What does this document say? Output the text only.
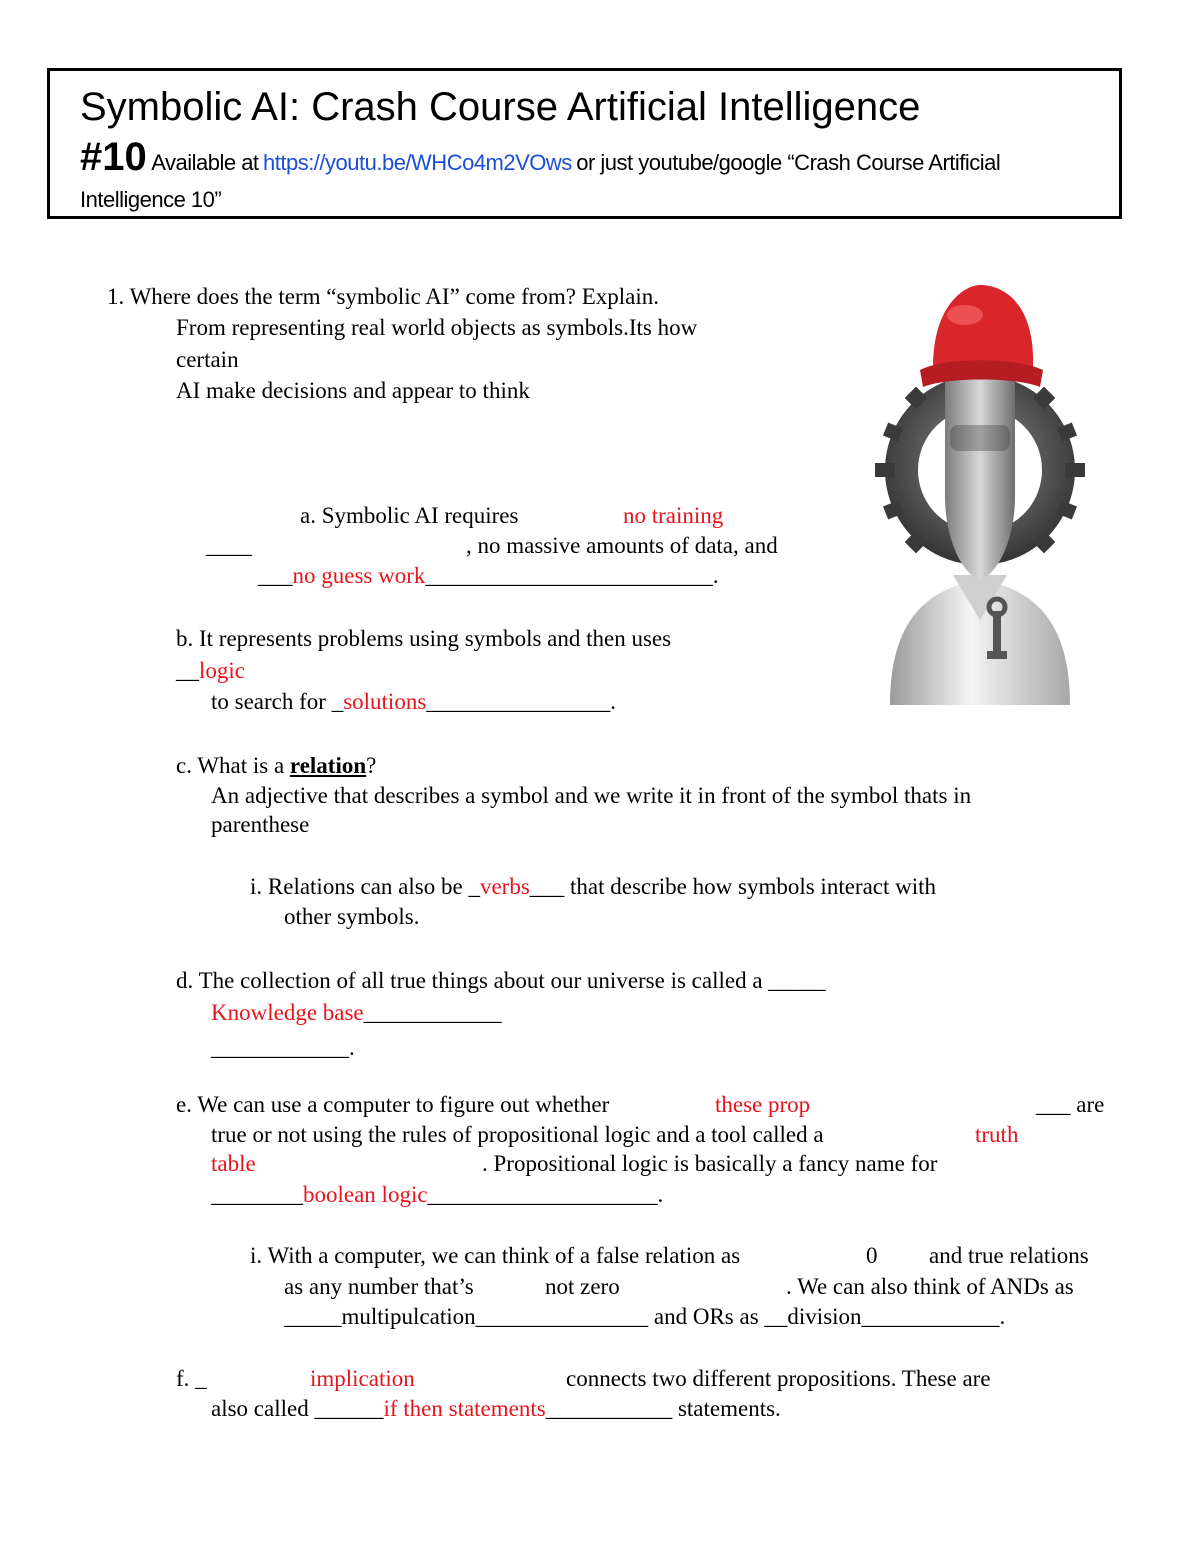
Symbolic AI: Crash Course Artificial Intelligence
#10 Available at https://youtu.be/WHCo4m2VOws or just youtube/google “Crash Course Artificial
Intelligence 10”
1. Where does the term “symbolic AI” come from? Explain.
From representing real world objects as symbols.Its how
certain
AI make decisions and appear to think
a. Symbolic AI requires	no training
____	, no massive amounts of data, and
___no guess work_________________________.
b. It represents problems using symbols and then uses
__logic
to search for _solutions________________.
c. What is a relation?
An adjective that describes a symbol and we write it in front of the symbol thats in
parenthese
i. Relations can also be _verbs___ that describe how symbols interact with
other symbols.
d. The collection of all true things about our universe is called a _____
Knowledge base____________
____________.
e. We can use a computer to figure out whether	these prop	___ are
true or not using the rules of propositional logic and a tool called a	truth
table	. Propositional logic is basically a fancy name for
________boolean logic____________________.
i. With a computer, we can think of a false relation as	0 and true relations
as any number that’s	not zero	. We can also think of ANDs as
_____multipulcation_______________ and ORs as __division____________.
f. _	implication	connects two different propositions. These are
also called ______if then statements___________ statements.
